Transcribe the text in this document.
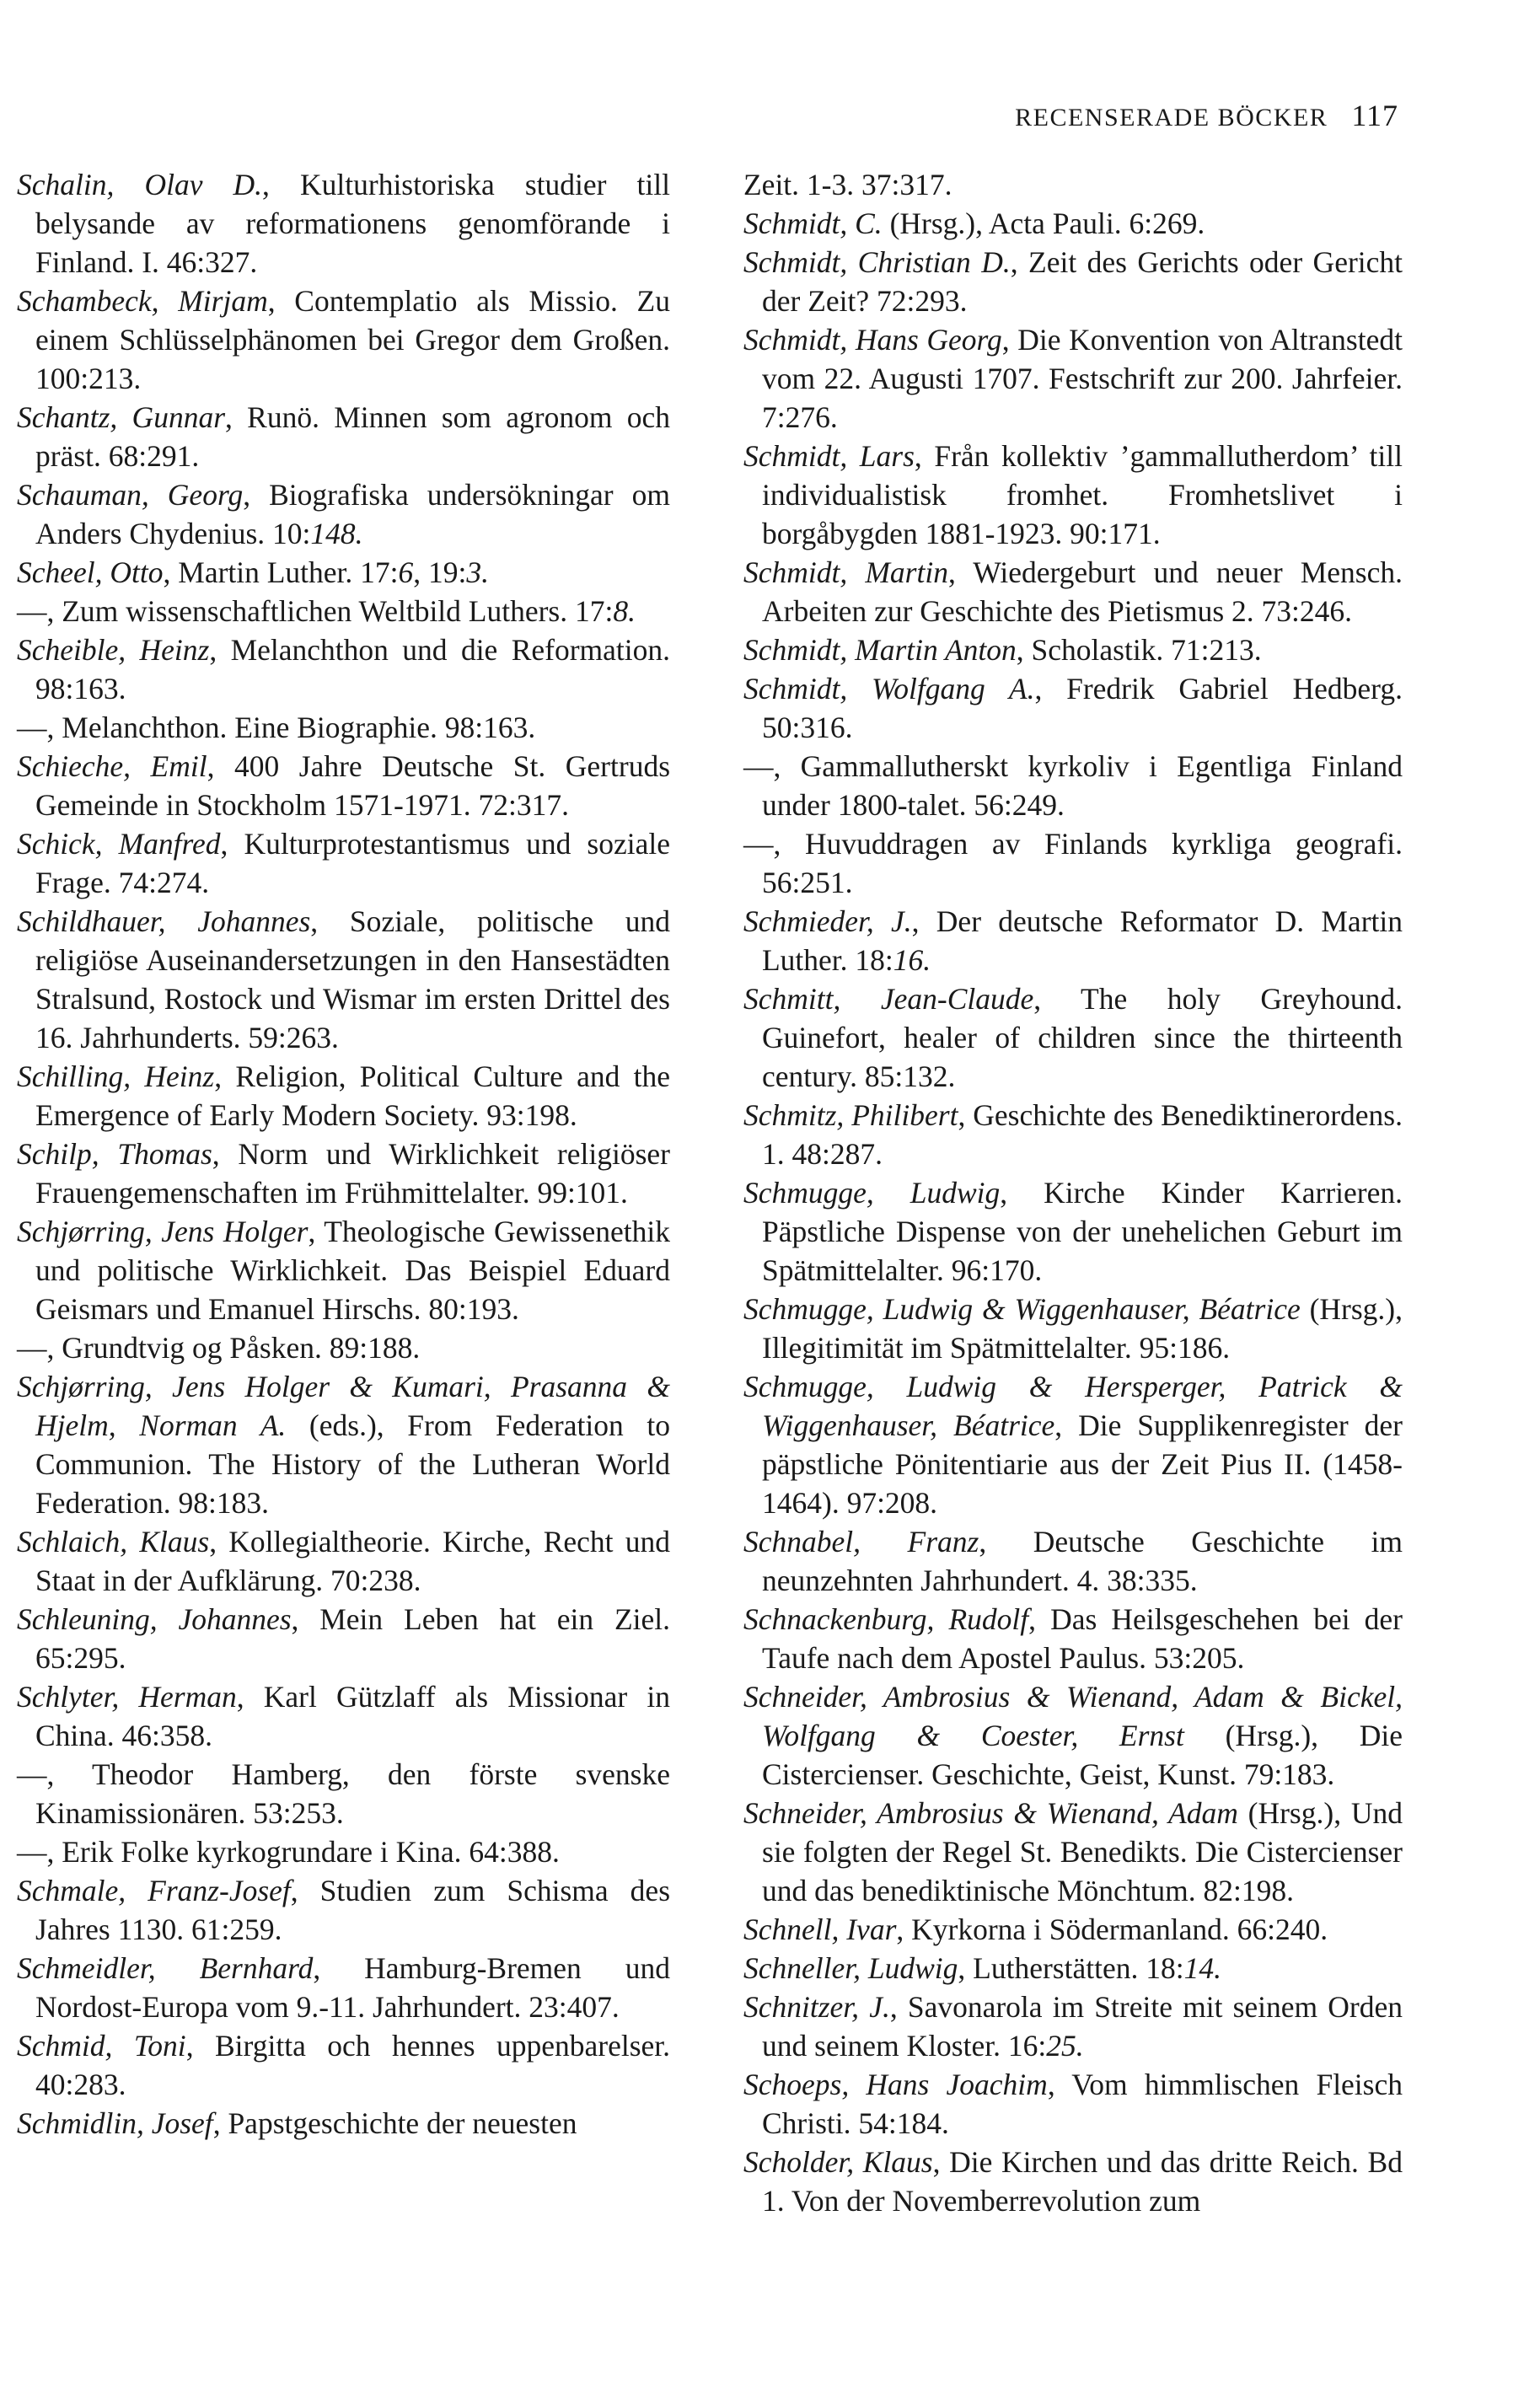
RECENSERADE BÖCKER 117
Schalin, Olav D., Kulturhistoriska studier till belysande av reformationens genomförande i Finland. I. 46:327.
Schambeck, Mirjam, Contemplatio als Missio. Zu einem Schlüsselphänomen bei Gregor dem Großen. 100:213.
Schantz, Gunnar, Runö. Minnen som agronom och präst. 68:291.
Schauman, Georg, Biografiska undersökningar om Anders Chydenius. 10:148.
Scheel, Otto, Martin Luther. 17:6, 19:3.
—, Zum wissenschaftlichen Weltbild Luthers. 17:8.
Scheible, Heinz, Melanchthon und die Reformation. 98:163.
—, Melanchthon. Eine Biographie. 98:163.
Schieche, Emil, 400 Jahre Deutsche St. Gertruds Gemeinde in Stockholm 1571-1971. 72:317.
Schick, Manfred, Kulturprotestantismus und soziale Frage. 74:274.
Schildhauer, Johannes, Soziale, politische und religiöse Auseinandersetzungen in den Hansestädten Stralsund, Rostock und Wismar im ersten Drittel des 16. Jahrhunderts. 59:263.
Schilling, Heinz, Religion, Political Culture and the Emergence of Early Modern Society. 93:198.
Schilp, Thomas, Norm und Wirklichkeit religiöser Frauengemenschaften im Frühmittelalter. 99:101.
Schjørring, Jens Holger, Theologische Gewissenethik und politische Wirklichkeit. Das Beispiel Eduard Geismars und Emanuel Hirschs. 80:193.
—, Grundtvig og Påsken. 89:188.
Schjørring, Jens Holger & Kumari, Prasanna & Hjelm, Norman A. (eds.), From Federation to Communion. The History of the Lutheran World Federation. 98:183.
Schlaich, Klaus, Kollegialtheorie. Kirche, Recht und Staat in der Aufklärung. 70:238.
Schleuning, Johannes, Mein Leben hat ein Ziel. 65:295.
Schlyter, Herman, Karl Gützlaff als Missionar in China. 46:358.
—, Theodor Hamberg, den förste svenske Kinamissionären. 53:253.
—, Erik Folke kyrkogrundare i Kina. 64:388.
Schmale, Franz-Josef, Studien zum Schisma des Jahres 1130. 61:259.
Schmeidler, Bernhard, Hamburg-Bremen und Nordost-Europa vom 9.-11. Jahrhundert. 23:407.
Schmid, Toni, Birgitta och hennes uppenbarelser. 40:283.
Schmidlin, Josef, Papstgeschichte der neuesten
Zeit. 1-3. 37:317.
Schmidt, C. (Hrsg.), Acta Pauli. 6:269.
Schmidt, Christian D., Zeit des Gerichts oder Gericht der Zeit? 72:293.
Schmidt, Hans Georg, Die Konvention von Altranstedt vom 22. Augusti 1707. Festschrift zur 200. Jahrfeier. 7:276.
Schmidt, Lars, Från kollektiv ’gammallutherdom’ till individualistisk fromhet. Fromhetslivet i borgåbygden 1881-1923. 90:171.
Schmidt, Martin, Wiedergeburt und neuer Mensch. Arbeiten zur Geschichte des Pietismus 2. 73:246.
Schmidt, Martin Anton, Scholastik. 71:213.
Schmidt, Wolfgang A., Fredrik Gabriel Hedberg. 50:316.
—, Gammallutherskt kyrkoliv i Egentliga Finland under 1800-talet. 56:249.
—, Huvuddragen av Finlands kyrkliga geografi. 56:251.
Schmieder, J., Der deutsche Reformator D. Martin Luther. 18:16.
Schmitt, Jean-Claude, The holy Greyhound. Guinefort, healer of children since the thirteenth century. 85:132.
Schmitz, Philibert, Geschichte des Benediktinerordens. 1. 48:287.
Schmugge, Ludwig, Kirche Kinder Karrieren. Päpstliche Dispense von der unehelichen Geburt im Spätmittelalter. 96:170.
Schmugge, Ludwig & Wiggenhauser, Béatrice (Hrsg.), Illegitimität im Spätmittelalter. 95:186.
Schmugge, Ludwig & Hersperger, Patrick & Wiggenhauser, Béatrice, Die Supplikenregister der päpstliche Pönitentiarie aus der Zeit Pius II. (1458-1464). 97:208.
Schnabel, Franz, Deutsche Geschichte im neunzehnten Jahrhundert. 4. 38:335.
Schnackenburg, Rudolf, Das Heilsgeschehen bei der Taufe nach dem Apostel Paulus. 53:205.
Schneider, Ambrosius & Wienand, Adam & Bickel, Wolfgang & Coester, Ernst (Hrsg.), Die Cistercienser. Geschichte, Geist, Kunst. 79:183.
Schneider, Ambrosius & Wienand, Adam (Hrsg.), Und sie folgten der Regel St. Benedikts. Die Cistercienser und das benediktinische Mönchtum. 82:198.
Schnell, Ivar, Kyrkorna i Södermanland. 66:240.
Schneller, Ludwig, Lutherstätten. 18:14.
Schnitzer, J., Savonarola im Streite mit seinem Orden und seinem Kloster. 16:25.
Schoeps, Hans Joachim, Vom himmlischen Fleisch Christi. 54:184.
Scholder, Klaus, Die Kirchen und das dritte Reich. Bd 1. Von der Novemberrevolution zum
